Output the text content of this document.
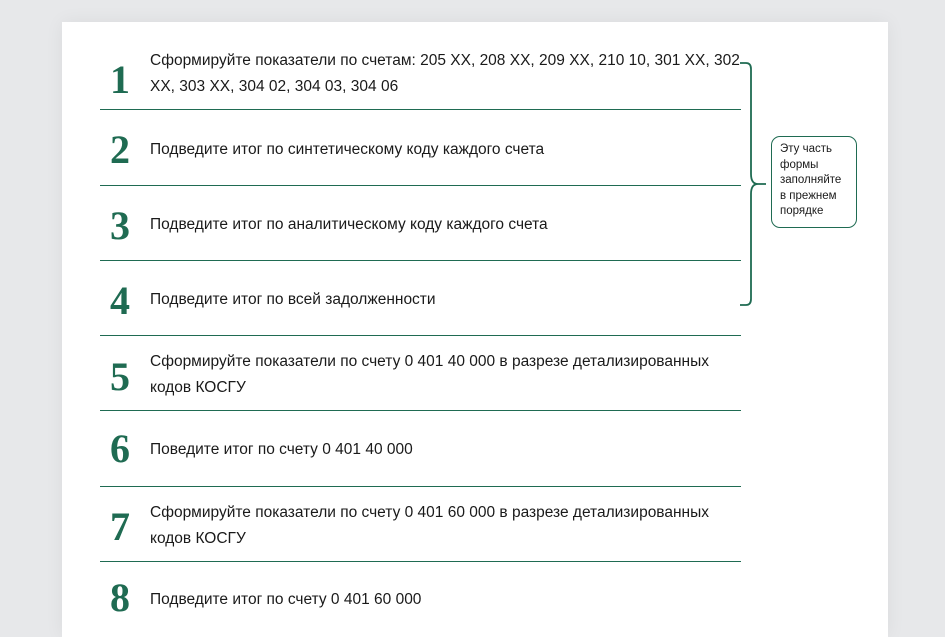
1	Сформируйте показатели по счетам: 205 ХХ, 208 ХХ, 209 ХХ, 210 10, 301 ХХ, 302 ХХ, 303 ХХ, 304 02, 304 03, 304 06
2	Подведите итог по синтетическому коду каждого счета
3	Подведите итог по аналитическому коду каждого счета
4	Подведите итог по всей задолженности
5	Сформируйте показатели по счету 0 401 40 000 в разрезе детализированных кодов КОСГУ
6	Поведите итог по счету 0 401 40 000
7	Сформируйте показатели по счету 0 401 60 000 в разрезе детализированных кодов КОСГУ
8	Подведите итог по счету 0 401 60 000
Эту часть формы заполняйте в прежнем порядке
